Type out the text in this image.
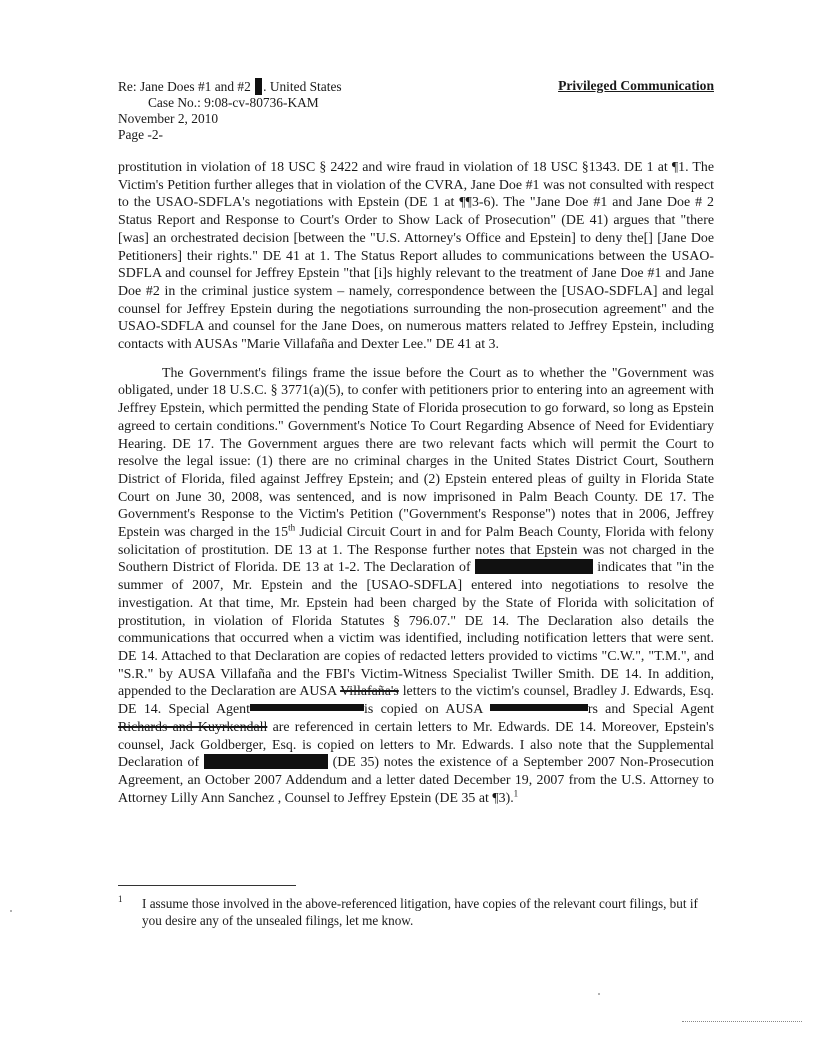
Re: Jane Does #1 and #2 . United States
Case No.: 9:08-cv-80736-KAM
November 2, 2010
Page -2-
Privileged Communication

prostitution in violation of 18 USC § 2422 and wire fraud in violation of 18 USC §1343. DE 1 at ¶1. The Victim's Petition further alleges that in violation of the CVRA, Jane Doe #1 was not consulted with respect to the USAO-SDFLA's negotiations with Epstein (DE 1 at ¶¶3-6). The "Jane Doe #1 and Jane Doe # 2 Status Report and Response to Court's Order to Show Lack of Prosecution" (DE 41) argues that "there [was] an orchestrated decision [between the "U.S. Attorney's Office and Epstein] to deny the[] [Jane Doe Petitioners] their rights." DE 41 at 1. The Status Report alludes to communications between the USAO-SDFLA and counsel for Jeffrey Epstein "that [i]s highly relevant to the treatment of Jane Doe #1 and Jane Doe #2 in the criminal justice system – namely, correspondence between the [USAO-SDFLA] and legal counsel for Jeffrey Epstein during the negotiations surrounding the non-prosecution agreement" and the USAO-SDFLA and counsel for the Jane Does, on numerous matters related to Jeffrey Epstein, including contacts with AUSAs "Marie Villafaña and Dexter Lee." DE 41 at 3.

The Government's filings frame the issue before the Court as to whether the "Government was obligated, under 18 U.S.C. § 3771(a)(5), to confer with petitioners prior to entering into an agreement with Jeffrey Epstein, which permitted the pending State of Florida prosecution to go forward, so long as Epstein agreed to certain conditions." Government's Notice To Court Regarding Absence of Need for Evidentiary Hearing. DE 17. The Government argues there are two relevant facts which will permit the Court to resolve the legal issue: (1) there are no criminal charges in the United States District Court, Southern District of Florida, filed against Jeffrey Epstein; and (2) Epstein entered pleas of guilty in Florida State Court on June 30, 2008, was sentenced, and is now imprisoned in Palm Beach County. DE 17. The Government's Response to the Victim's Petition ("Government's Response") notes that in 2006, Jeffrey Epstein was charged in the 15th Judicial Circuit Court in and for Palm Beach County, Florida with felony solicitation of prostitution. DE 13 at 1. The Response further notes that Epstein was not charged in the Southern District of Florida. DE 13 at 1-2. The Declaration of	indicates that "in the summer of 2007, Mr. Epstein and the [USAO-SDFLA] entered into negotiations to resolve the investigation. At that time, Mr. Epstein had been charged by the State of Florida with solicitation of prostitution, in violation of Florida Statutes § 796.07." DE 14. The Declaration also details the communications that occurred when a victim was identified, including notification letters that were sent. DE 14. Attached to that Declaration are copies of redacted letters provided to victims "C.W.", "T.M.", and "S.R." by AUSA Villafaña and the FBI's Victim-Witness Specialist Twiller Smith. DE 14. In addition, appended to the Declaration are AUSA Villafaña's letters to the victim's counsel, Bradley J. Edwards, Esq. DE 14. Special Agent	is copied on AUSA	rs and Special Agent Richards and Kuyrkendall are referenced in certain letters to Mr. Edwards. DE 14. Moreover, Epstein's counsel, Jack Goldberger, Esq. is copied on letters to Mr. Edwards. I also note that the Supplemental Declaration of	(DE 35) notes the existence of a September 2007 Non-Prosecution Agreement, an October 2007 Addendum and a letter dated December 19, 2007 from the U.S. Attorney to Attorney Lilly Ann Sanchez , Counsel to Jeffrey Epstein (DE 35 at ¶3).$^1$

1	I assume those involved in the above-referenced litigation, have copies of the relevant court filings, but if you desire any of the unsealed filings, let me know.
